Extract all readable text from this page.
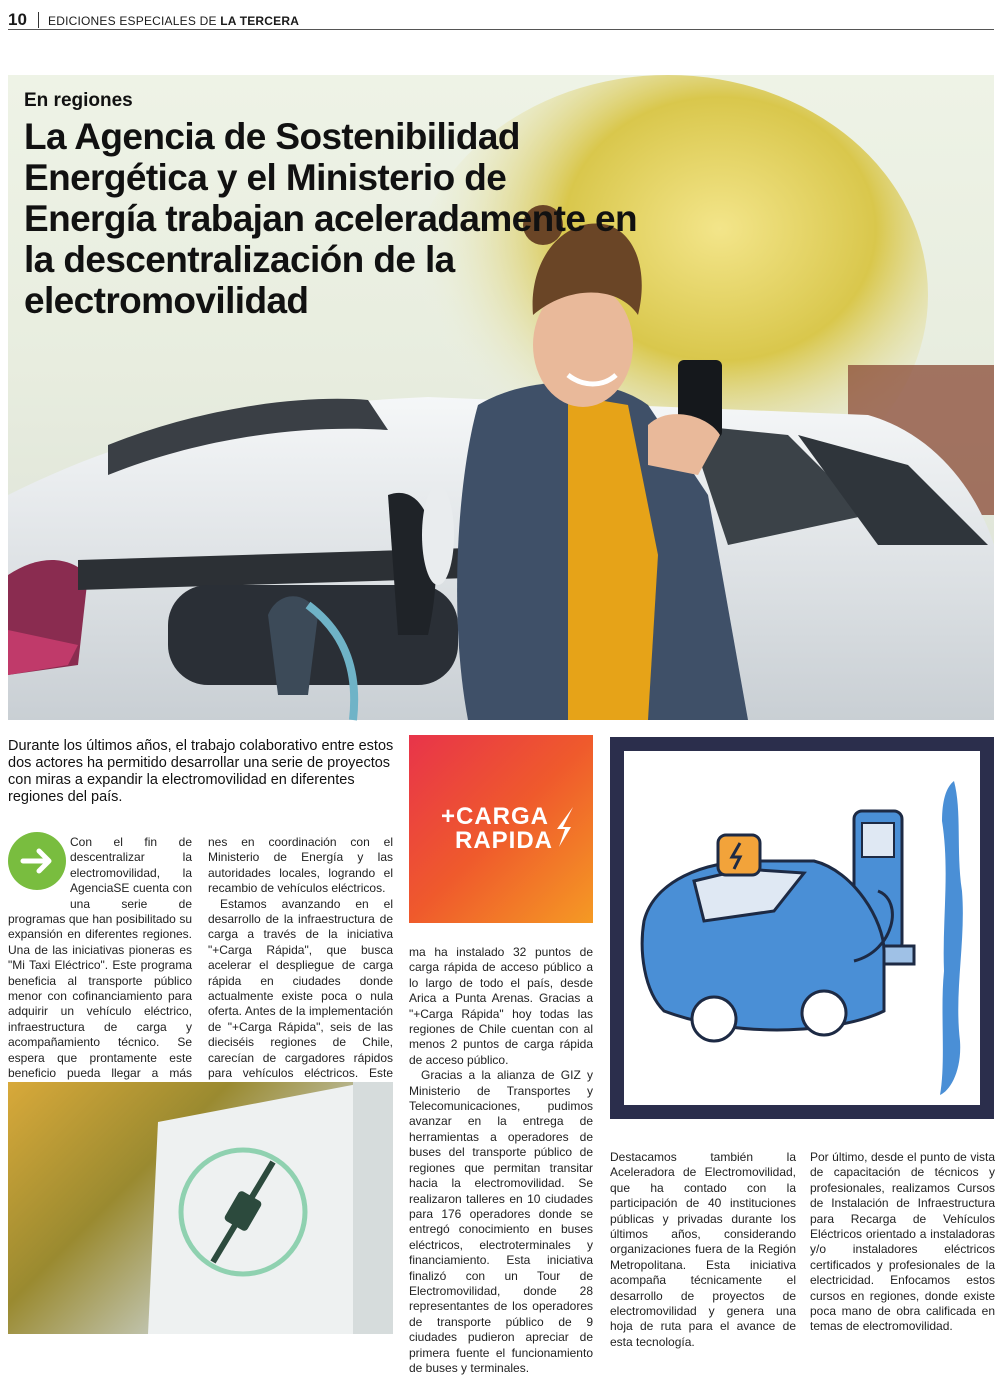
10 EDICIONES ESPECIALES DE LA TERCERA
En regiones
La Agencia de Sostenibilidad Energética y el Ministerio de Energía trabajan aceleradamente en la descentralización de la electromovilidad

Durante los últimos años, el trabajo colaborativo entre estos dos actores ha permitido desarrollar una serie de proyectos con miras a expandir la electromovilidad en diferentes regiones del país.

Con el fin de descentralizar la electromovilidad, la AgenciaSE cuenta con una serie de programas que han posibilitado su expansión en diferentes regiones. Una de las iniciativas pioneras es "Mi Taxi Eléctrico". Este programa beneficia al transporte público menor con cofinanciamiento para adquirir un vehículo eléctrico, infraestructura de carga y acompañamiento técnico. Se espera que prontamente este beneficio pueda llegar a más

nes en coordinación con el Ministerio de Energía y las autoridades locales, logrando el recambio de vehículos eléctricos.

Estamos avanzando en el desarrollo de la infraestructura de carga a través de la iniciativa "+Carga Rápida", que busca acelerar el despliegue de carga rápida en ciudades donde actualmente existe poca o nula oferta. Antes de la implementación de "+Carga Rápida", seis de las dieciséis regiones de Chile, carecían de cargadores rápidos para vehículos eléctricos. Este

+CARGA
RAPIDA

ma ha instalado 32 puntos de carga rápida de acceso público a lo largo de todo el país, desde Arica a Punta Arenas. Gracias a "+Carga Rápida" hoy todas las regiones de Chile cuentan con al menos 2 puntos de carga rápida de acceso público.

Gracias a la alianza de GIZ y Ministerio de Transportes y Telecomunicaciones, pudimos avanzar en la entrega de herramientas a operadores de buses del transporte público de regiones que permitan transitar hacia la electromovilidad. Se realizaron talleres en 10 ciudades para 176 operadores donde se entregó conocimiento en buses eléctricos, electroterminales y financiamiento. Esta iniciativa finalizó con un Tour de Electromovilidad, donde 28 representantes de los operadores de transporte público de 9 ciudades pudieron apreciar de primera fuente el funcionamiento de buses y terminales.

Destacamos también la Aceleradora de Electromovilidad, que ha contado con la participación de 40 instituciones públicas y privadas durante los últimos años, considerando organizaciones fuera de la Región Metropolitana. Esta iniciativa acompaña técnicamente el desarrollo de proyectos de electromovilidad y genera una hoja de ruta para el avance de esta tecnología.

Por último, desde el punto de vista de capacitación de técnicos y profesionales, realizamos Cursos de Instalación de Infraestructura para Recarga de Vehículos Eléctricos orientado a instaladoras y/o instaladores eléctricos certificados y profesionales de la electricidad. Enfocamos estos cursos en regiones, donde existe poca mano de obra calificada en temas de electromovilidad.
